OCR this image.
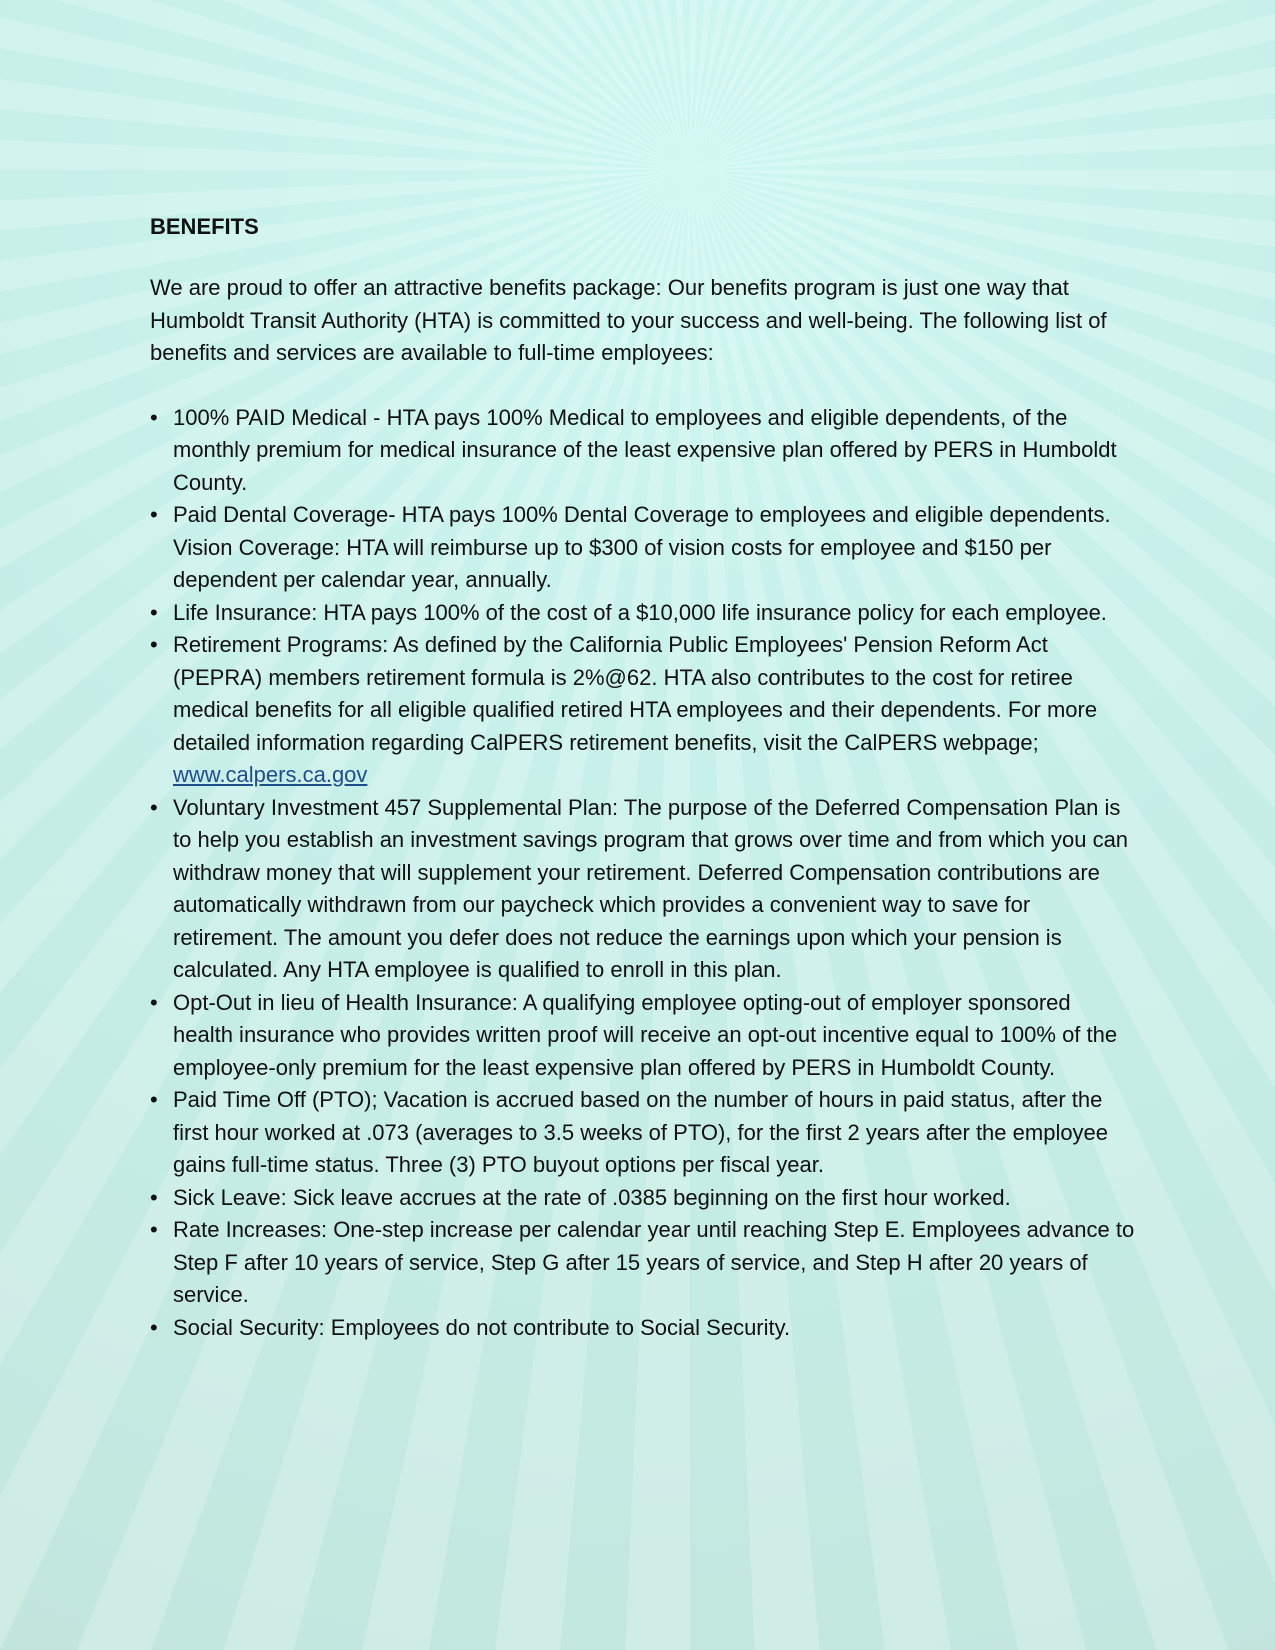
BENEFITS

We are proud to offer an attractive benefits package: Our benefits program is just one way that Humboldt Transit Authority (HTA) is committed to your success and well-being. The following list of benefits and services are available to full-time employees:

• 100% PAID Medical - HTA pays 100% Medical to employees and eligible dependents, of the monthly premium for medical insurance of the least expensive plan offered by PERS in Humboldt County.
• Paid Dental Coverage- HTA pays 100% Dental Coverage to employees and eligible dependents. Vision Coverage: HTA will reimburse up to $300 of vision costs for employee and $150 per dependent per calendar year, annually.
• Life Insurance: HTA pays 100% of the cost of a $10,000 life insurance policy for each employee.
• Retirement Programs: As defined by the California Public Employees' Pension Reform Act (PEPRA) members retirement formula is 2%@62. HTA also contributes to the cost for retiree medical benefits for all eligible qualified retired HTA employees and their dependents. For more detailed information regarding CalPERS retirement benefits, visit the CalPERS webpage; www.calpers.ca.gov
• Voluntary Investment 457 Supplemental Plan: The purpose of the Deferred Compensation Plan is to help you establish an investment savings program that grows over time and from which you can withdraw money that will supplement your retirement. Deferred Compensation contributions are automatically withdrawn from our paycheck which provides a convenient way to save for retirement. The amount you defer does not reduce the earnings upon which your pension is calculated. Any HTA employee is qualified to enroll in this plan.
• Opt-Out in lieu of Health Insurance: A qualifying employee opting-out of employer sponsored health insurance who provides written proof will receive an opt-out incentive equal to 100% of the employee-only premium for the least expensive plan offered by PERS in Humboldt County.
• Paid Time Off (PTO); Vacation is accrued based on the number of hours in paid status, after the first hour worked at .073 (averages to 3.5 weeks of PTO), for the first 2 years after the employee gains full-time status. Three (3) PTO buyout options per fiscal year.
• Sick Leave: Sick leave accrues at the rate of .0385 beginning on the first hour worked.
• Rate Increases: One-step increase per calendar year until reaching Step E. Employees advance to Step F after 10 years of service, Step G after 15 years of service, and Step H after 20 years of service.
• Social Security: Employees do not contribute to Social Security.
